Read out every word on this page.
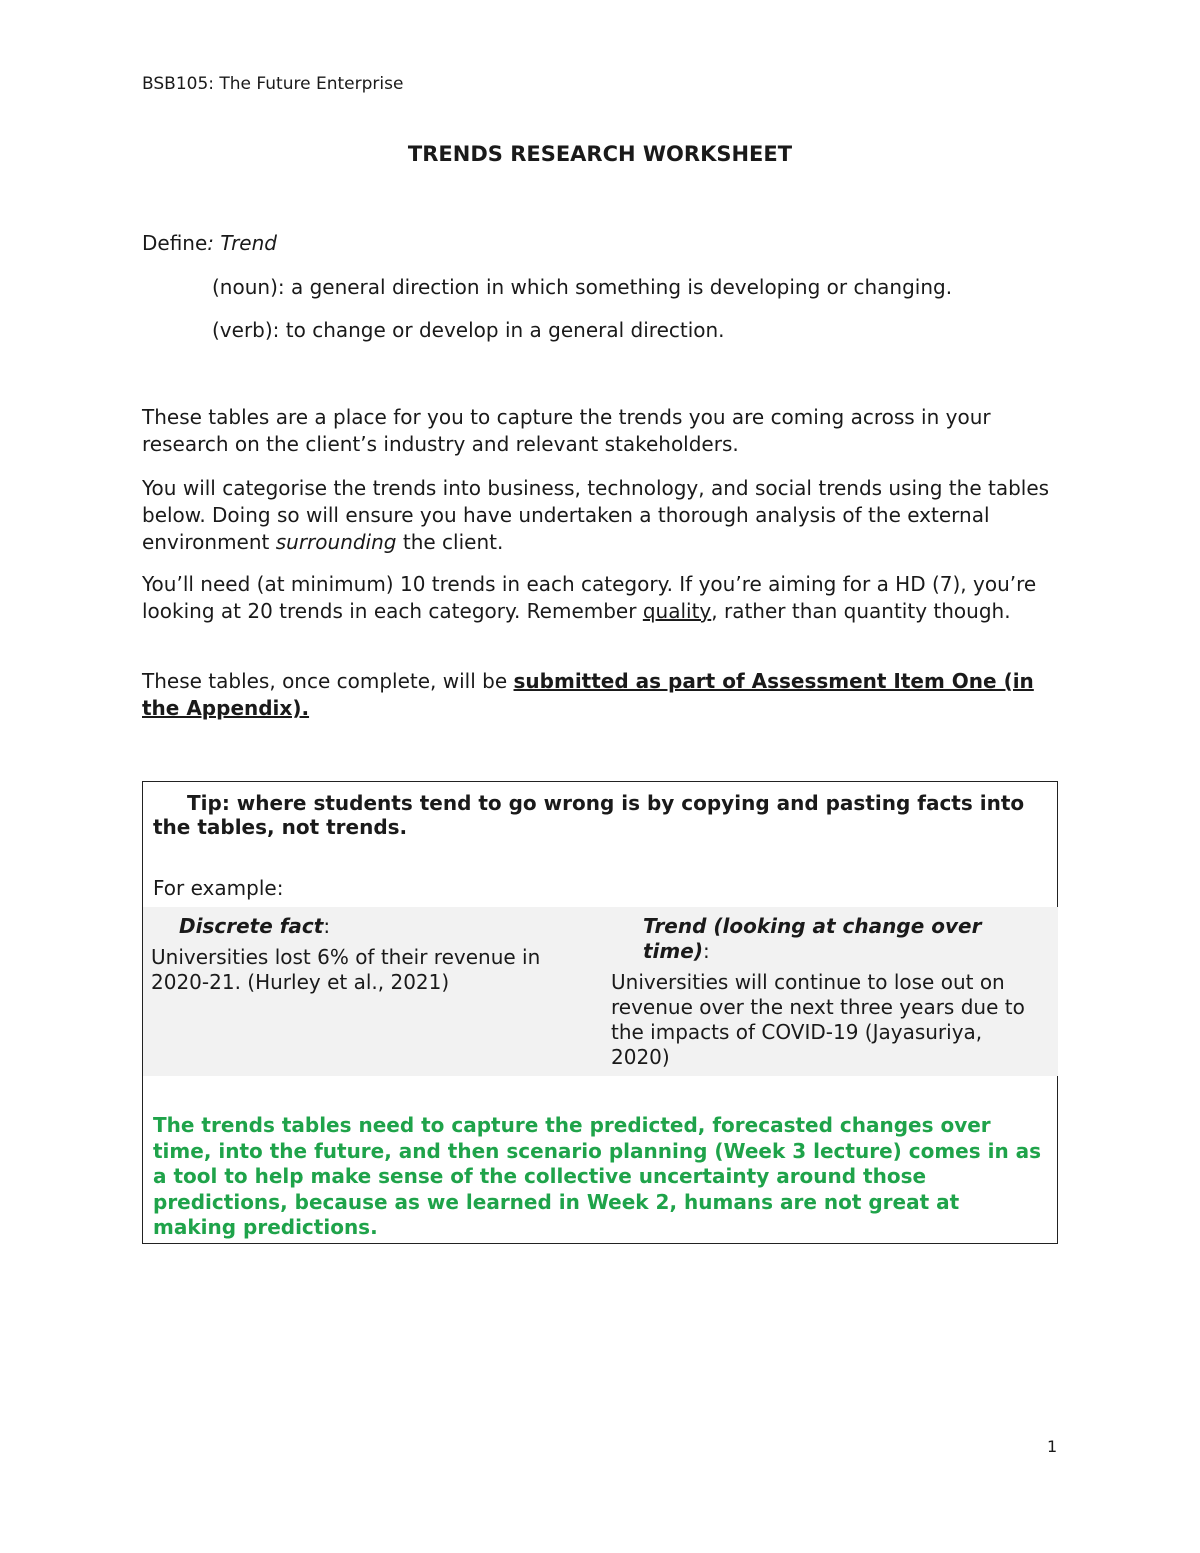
BSB105: The Future Enterprise
TRENDS RESEARCH WORKSHEET

Define: Trend

(noun): a general direction in which something is developing or changing.

(verb): to change or develop in a general direction.

These tables are a place for you to capture the trends you are coming across in your research on the client’s industry and relevant stakeholders.

You will categorise the trends into business, technology, and social trends using the tables below. Doing so will ensure you have undertaken a thorough analysis of the external environment surrounding the client.

You’ll need (at minimum) 10 trends in each category. If you’re aiming for a HD (7), you’re looking at 20 trends in each category. Remember quality, rather than quantity though.

These tables, once complete, will be submitted as part of Assessment Item One (in the Appendix).

Tip: where students tend to go wrong is by copying and pasting facts into the tables, not trends.
For example:
Discrete fact:
Universities lost 6% of their revenue in 2020-21. (Hurley et al., 2021)
Trend (looking at change over time):
Universities will continue to lose out on revenue over the next three years due to the impacts of COVID-19 (Jayasuriya, 2020)
The trends tables need to capture the predicted, forecasted changes over time, into the future, and then scenario planning (Week 3 lecture) comes in as a tool to help make sense of the collective uncertainty around those predictions, because as we learned in Week 2, humans are not great at making predictions.
1
